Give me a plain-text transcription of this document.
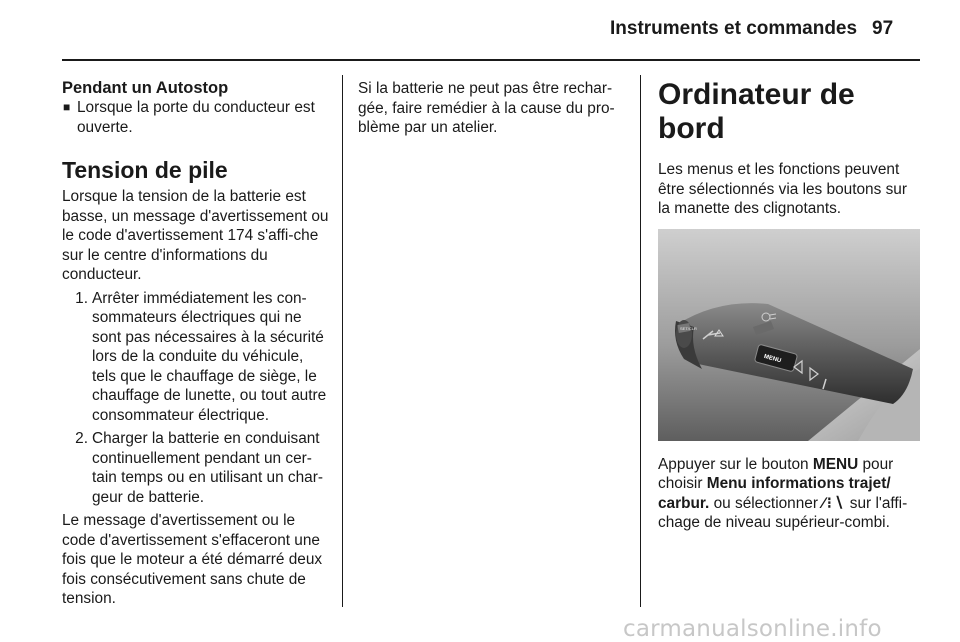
Instruments et commandes 97

Pendant un Autostop

■ Lorsque la porte du conducteur est ouverte.

Tension de pile

Lorsque la tension de la batterie est basse, un message d'avertissement ou le code d'avertissement 174 s'affi-che sur le centre d'informations du conducteur.

1. Arrêter immédiatement les con-sommateurs électriques qui ne sont pas nécessaires à la sécurité lors de la conduite du véhicule, tels que le chauffage de siège, le chauffage de lunette, ou tout autre consommateur électrique.
2. Charger la batterie en conduisant continuellement pendant un cer-tain temps ou en utilisant un char-geur de batterie.

Le message d'avertissement ou le code d'avertissement s'effaceront une fois que le moteur a été démarré deux fois consécutivement sans chute de tension.

Si la batterie ne peut pas être rechar-gée, faire remédier à la cause du pro-blème par un atelier.

Ordinateur de bord

Les menus et les fonctions peuvent être sélectionnés via les boutons sur la manette des clignotants.

SET/CLR
MENU

Appuyer sur le bouton MENU pour choisir Menu informations trajet/ carbur. ou sélectionner ∕⁝∖ sur l'affi-chage de niveau supérieur-combi.

carmanualsonline.info
